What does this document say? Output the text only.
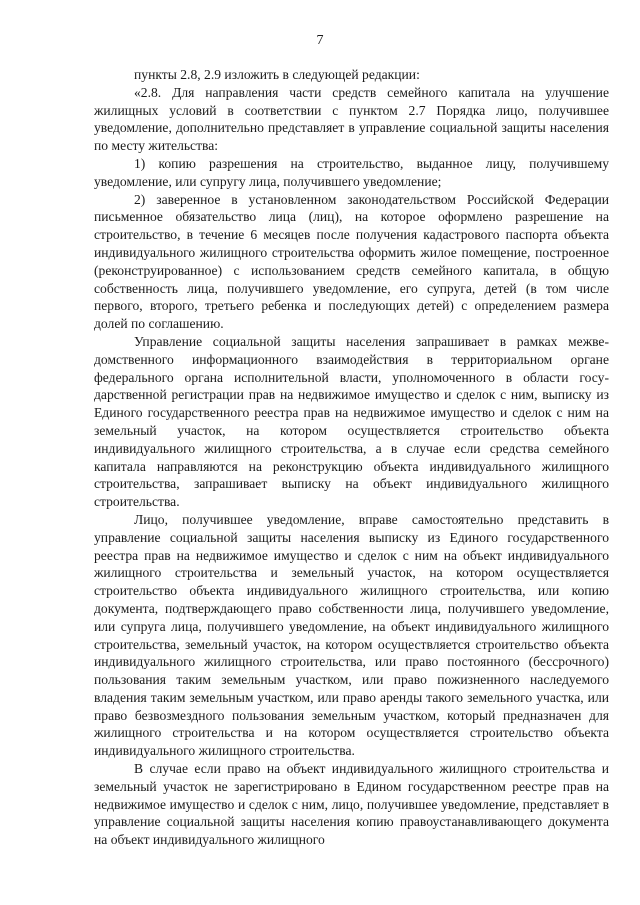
7

пункты 2.8, 2.9 изложить в следующей редакции:

«2.8. Для направления части средств семейного капитала на улучшение жилищных условий в соответствии с пунктом 2.7 Порядка лицо, получившее уведомление, дополнительно представляет в управление социальной защиты населения по месту жительства:

1) копию разрешения на строительство, выданное лицу, получившему уведомление, или супругу лица, получившего уведомление;

2) заверенное в установленном законодательством Российской Федерации письменное обязательство лица (лиц), на которое оформлено разрешение на строительство, в течение 6 месяцев после получения кадастрового паспорта объекта индивидуального жилищного строительства оформить жилое помещение, построенное (реконструированное) с использованием средств семейного капитала, в общую собственность лица, получившего уведомление, его супруга, детей (в том числе первого, второго, третьего ребенка и последующих детей) с определением размера долей по соглашению.

Управление социальной защиты населения запрашивает в рамках межведомственного информационного взаимодействия в территориальном органе федерального органа исполнительной власти, уполномоченного в области государственной регистрации прав на недвижимое имущество и сделок с ним, выписку из Единого государственного реестра прав на недвижимое имущество и сделок с ним на земельный участок, на котором осуществляется строительство объекта индивидуального жилищного строительства, а в случае если средства семейного капитала направляются на реконструкцию объекта индивидуального жилищного строительства, запрашивает выписку на объект индивидуального жилищного строительства.

Лицо, получившее уведомление, вправе самостоятельно представить в управление социальной защиты населения выписку из Единого государственного реестра прав на недвижимое имущество и сделок с ним на объект индивидуального жилищного строительства и земельный участок, на котором осуществляется строительство объекта индивидуального жилищного строительства, или копию документа, подтверждающего право собственности лица, получившего уведомление, или супруга лица, получившего уведомление, на объект индивидуального жилищного строительства, земельный участок, на котором осуществляется строительство объекта индивидуального жилищного строительства, или право постоянного (бессрочного) пользования таким земельным участком, или право пожизненного наследуемого владения таким земельным участком, или право аренды такого земельного участка, или право безвозмездного пользования земельным участком, который предназначен для жилищного строительства и на котором осуществляется строительство объекта индивидуального жилищного строительства.

В случае если право на объект индивидуального жилищного строительства и земельный участок не зарегистрировано в Едином государственном реестре прав на недвижимое имущество и сделок с ним, лицо, получившее уведомление, представляет в управление социальной защиты населения копию правоустанавливающего документа на объект индивидуального жилищного
